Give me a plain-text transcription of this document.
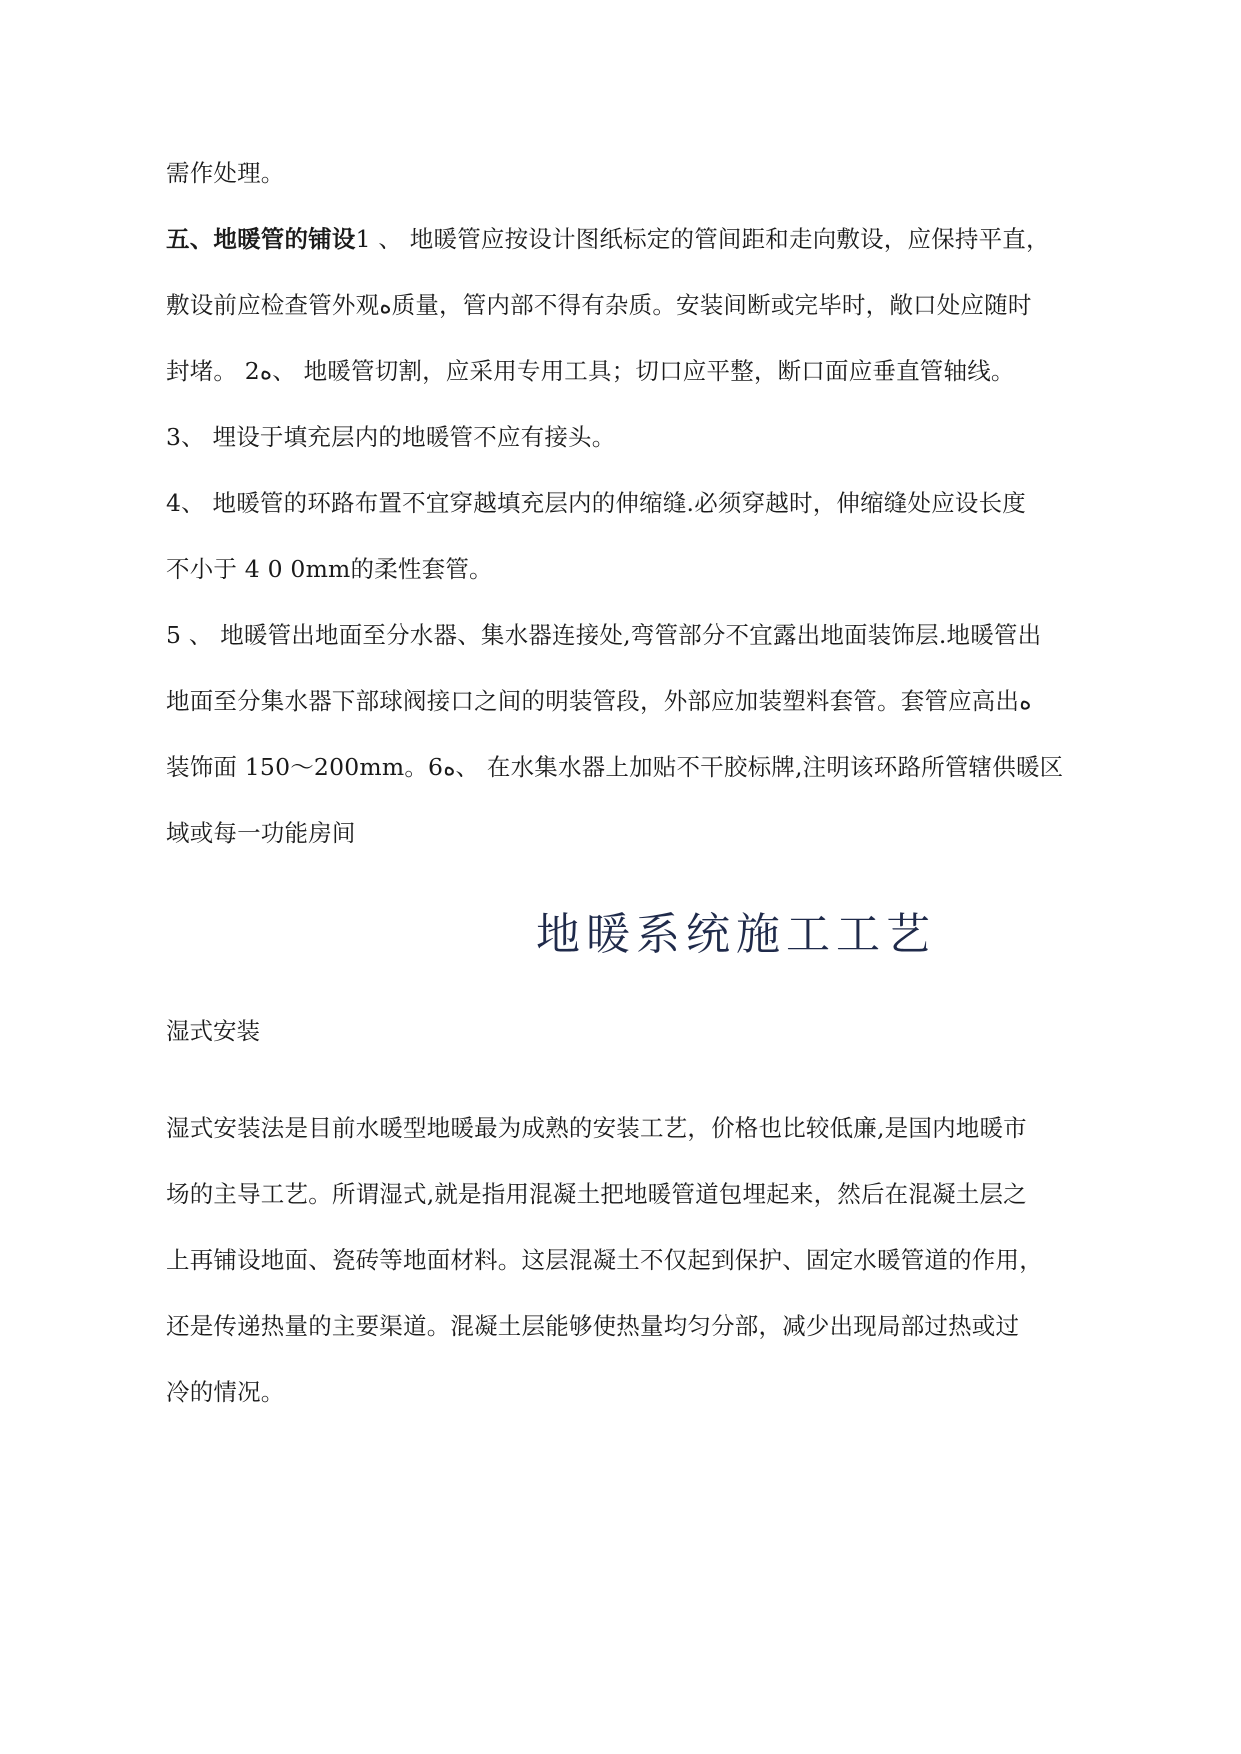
需作处理。
五、地暖管的铺设1 、 地暖管应按设计图纸标定的管间距和走向敷设，应保持平直，
敷设前应检查管外观ﻩ质量，管内部不得有杂质。安装间断或完毕时，敞口处应随时
封堵。 2ﻩ、 地暖管切割，应采用专用工具；切口应平整，断口面应垂直管轴线。
3、 埋设于填充层内的地暖管不应有接头。
4、 地暖管的环路布置不宜穿越填充层内的伸缩缝.必须穿越时，伸缩缝处应设长度
不小于 4 0 0mm的柔性套管。
5 、 地暖管出地面至分水器、集水器连接处,弯管部分不宜露出地面装饰层.地暖管出
地面至分集水器下部球阀接口之间的明装管段，外部应加装塑料套管。套管应高出ﻩ
装饰面 150～200mm。6ﻩ、 在水集水器上加贴不干胶标牌,注明该环路所管辖供暖区
域或每一功能房间
地暖系统施工工艺
湿式安装
湿式安装法是目前水暖型地暖最为成熟的安装工艺，价格也比较低廉,是国内地暖市
场的主导工艺。所谓湿式,就是指用混凝土把地暖管道包埋起来，然后在混凝土层之
上再铺设地面、瓷砖等地面材料。这层混凝土不仅起到保护、固定水暖管道的作用，
还是传递热量的主要渠道。混凝土层能够使热量均匀分部，减少出现局部过热或过
冷的情况。
